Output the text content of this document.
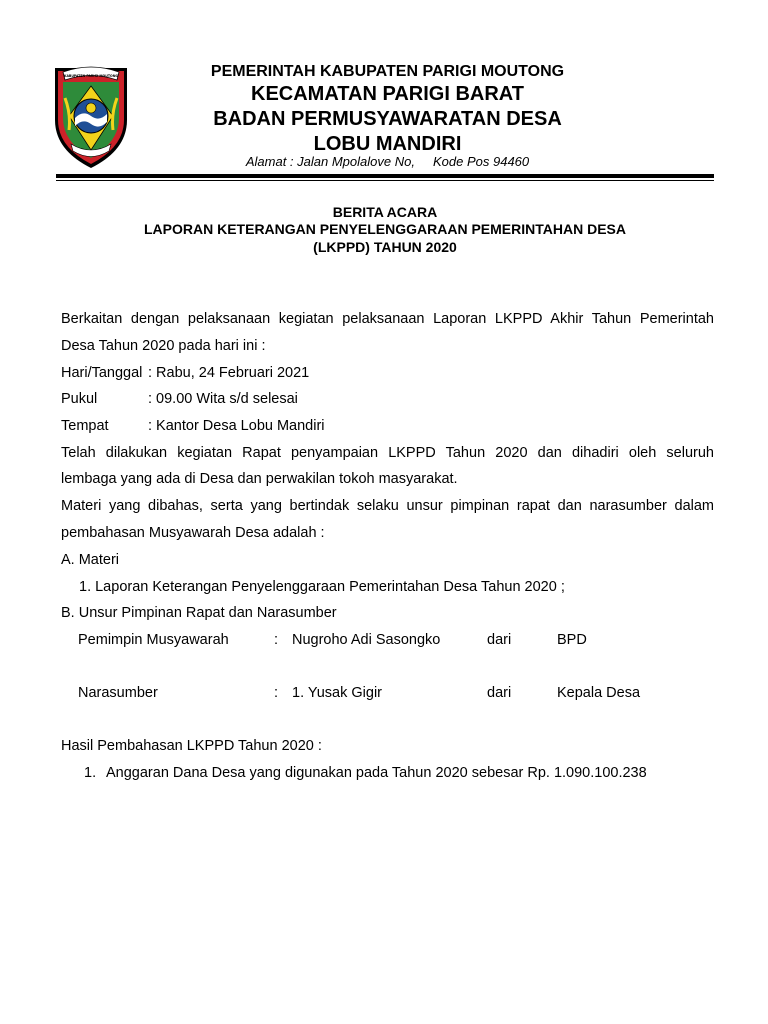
KABUPATEN PARIGI MOUTONG	PEMERINTAH KABUPATEN PARIGI MOUTONG
KECAMATAN PARIGI BARAT
BADAN PERMUSYAWARATAN DESA
LOBU MANDIRI
Alamat : Jalan Mpolalove No,     Kode Pos 94460
BERITA ACARA
LAPORAN KETERANGAN PENYELENGGARAAN PEMERINTAHAN DESA
(LKPPD) TAHUN 2020
Berkaitan dengan pelaksanaan kegiatan pelaksanaan Laporan LKPPD Akhir Tahun Pemerintah
Desa Tahun 2020 pada hari ini :
Hari/Tanggal : Rabu, 24 Februari 2021
Pukul	: 09.00 Wita s/d selesai
Tempat	: Kantor Desa Lobu Mandiri
Telah dilakukan kegiatan Rapat penyampaian LKPPD Tahun 2020 dan dihadiri oleh seluruh
lembaga yang ada di Desa dan perwakilan tokoh masyarakat.
Materi yang dibahas, serta yang bertindak selaku unsur pimpinan rapat dan narasumber dalam
pembahasan Musyawarah Desa adalah :
A. Materi
1. Laporan Keterangan Penyelenggaraan Pemerintahan Desa Tahun 2020 ;
B. Unsur Pimpinan Rapat dan Narasumber
Pemimpin Musyawarah	: Nugroho Adi Sasongko	dari	BPD
Narasumber	: 1. Yusak Gigir	dari	Kepala Desa
Hasil Pembahasan LKPPD Tahun 2020 :
1. Anggaran Dana Desa yang digunakan pada Tahun 2020 sebesar Rp. 1.090.100.238
